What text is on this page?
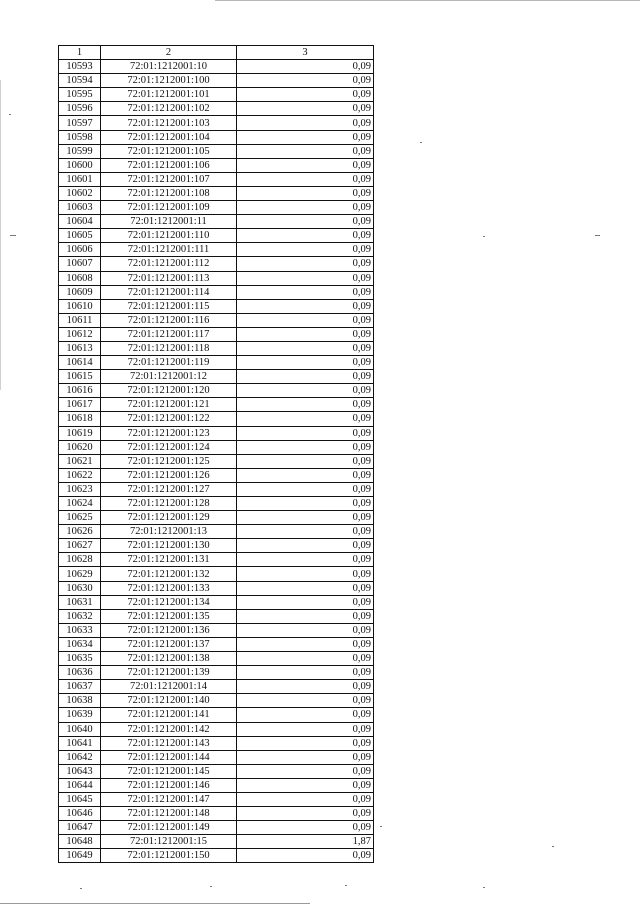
1	2	3
10593	72:01:1212001:10	0,09
10594	72:01:1212001:100	0,09
10595	72:01:1212001:101	0,09
10596	72:01:1212001:102	0,09
10597	72:01:1212001:103	0,09
10598	72:01:1212001:104	0,09
10599	72:01:1212001:105	0,09
10600	72:01:1212001:106	0,09
10601	72:01:1212001:107	0,09
10602	72:01:1212001:108	0,09
10603	72:01:1212001:109	0,09
10604	72:01:1212001:11	0,09
10605	72:01:1212001:110	0,09
10606	72:01:1212001:111	0,09
10607	72:01:1212001:112	0,09
10608	72:01:1212001:113	0,09
10609	72:01:1212001:114	0,09
10610	72:01:1212001:115	0,09
10611	72:01:1212001:116	0,09
10612	72:01:1212001:117	0,09
10613	72:01:1212001:118	0,09
10614	72:01:1212001:119	0,09
10615	72:01:1212001:12	0,09
10616	72:01:1212001:120	0,09
10617	72:01:1212001:121	0,09
10618	72:01:1212001:122	0,09
10619	72:01:1212001:123	0,09
10620	72:01:1212001:124	0,09
10621	72:01:1212001:125	0,09
10622	72:01:1212001:126	0,09
10623	72:01:1212001:127	0,09
10624	72:01:1212001:128	0,09
10625	72:01:1212001:129	0,09
10626	72:01:1212001:13	0,09
10627	72:01:1212001:130	0,09
10628	72:01:1212001:131	0,09
10629	72:01:1212001:132	0,09
10630	72:01:1212001:133	0,09
10631	72:01:1212001:134	0,09
10632	72:01:1212001:135	0,09
10633	72:01:1212001:136	0,09
10634	72:01:1212001:137	0,09
10635	72:01:1212001:138	0,09
10636	72:01:1212001:139	0,09
10637	72:01:1212001:14	0,09
10638	72:01:1212001:140	0,09
10639	72:01:1212001:141	0,09
10640	72:01:1212001:142	0,09
10641	72:01:1212001:143	0,09
10642	72:01:1212001:144	0,09
10643	72:01:1212001:145	0,09
10644	72:01:1212001:146	0,09
10645	72:01:1212001:147	0,09
10646	72:01:1212001:148	0,09
10647	72:01:1212001:149	0,09
10648	72:01:1212001:15	1,87
10649	72:01:1212001:150	0,09
